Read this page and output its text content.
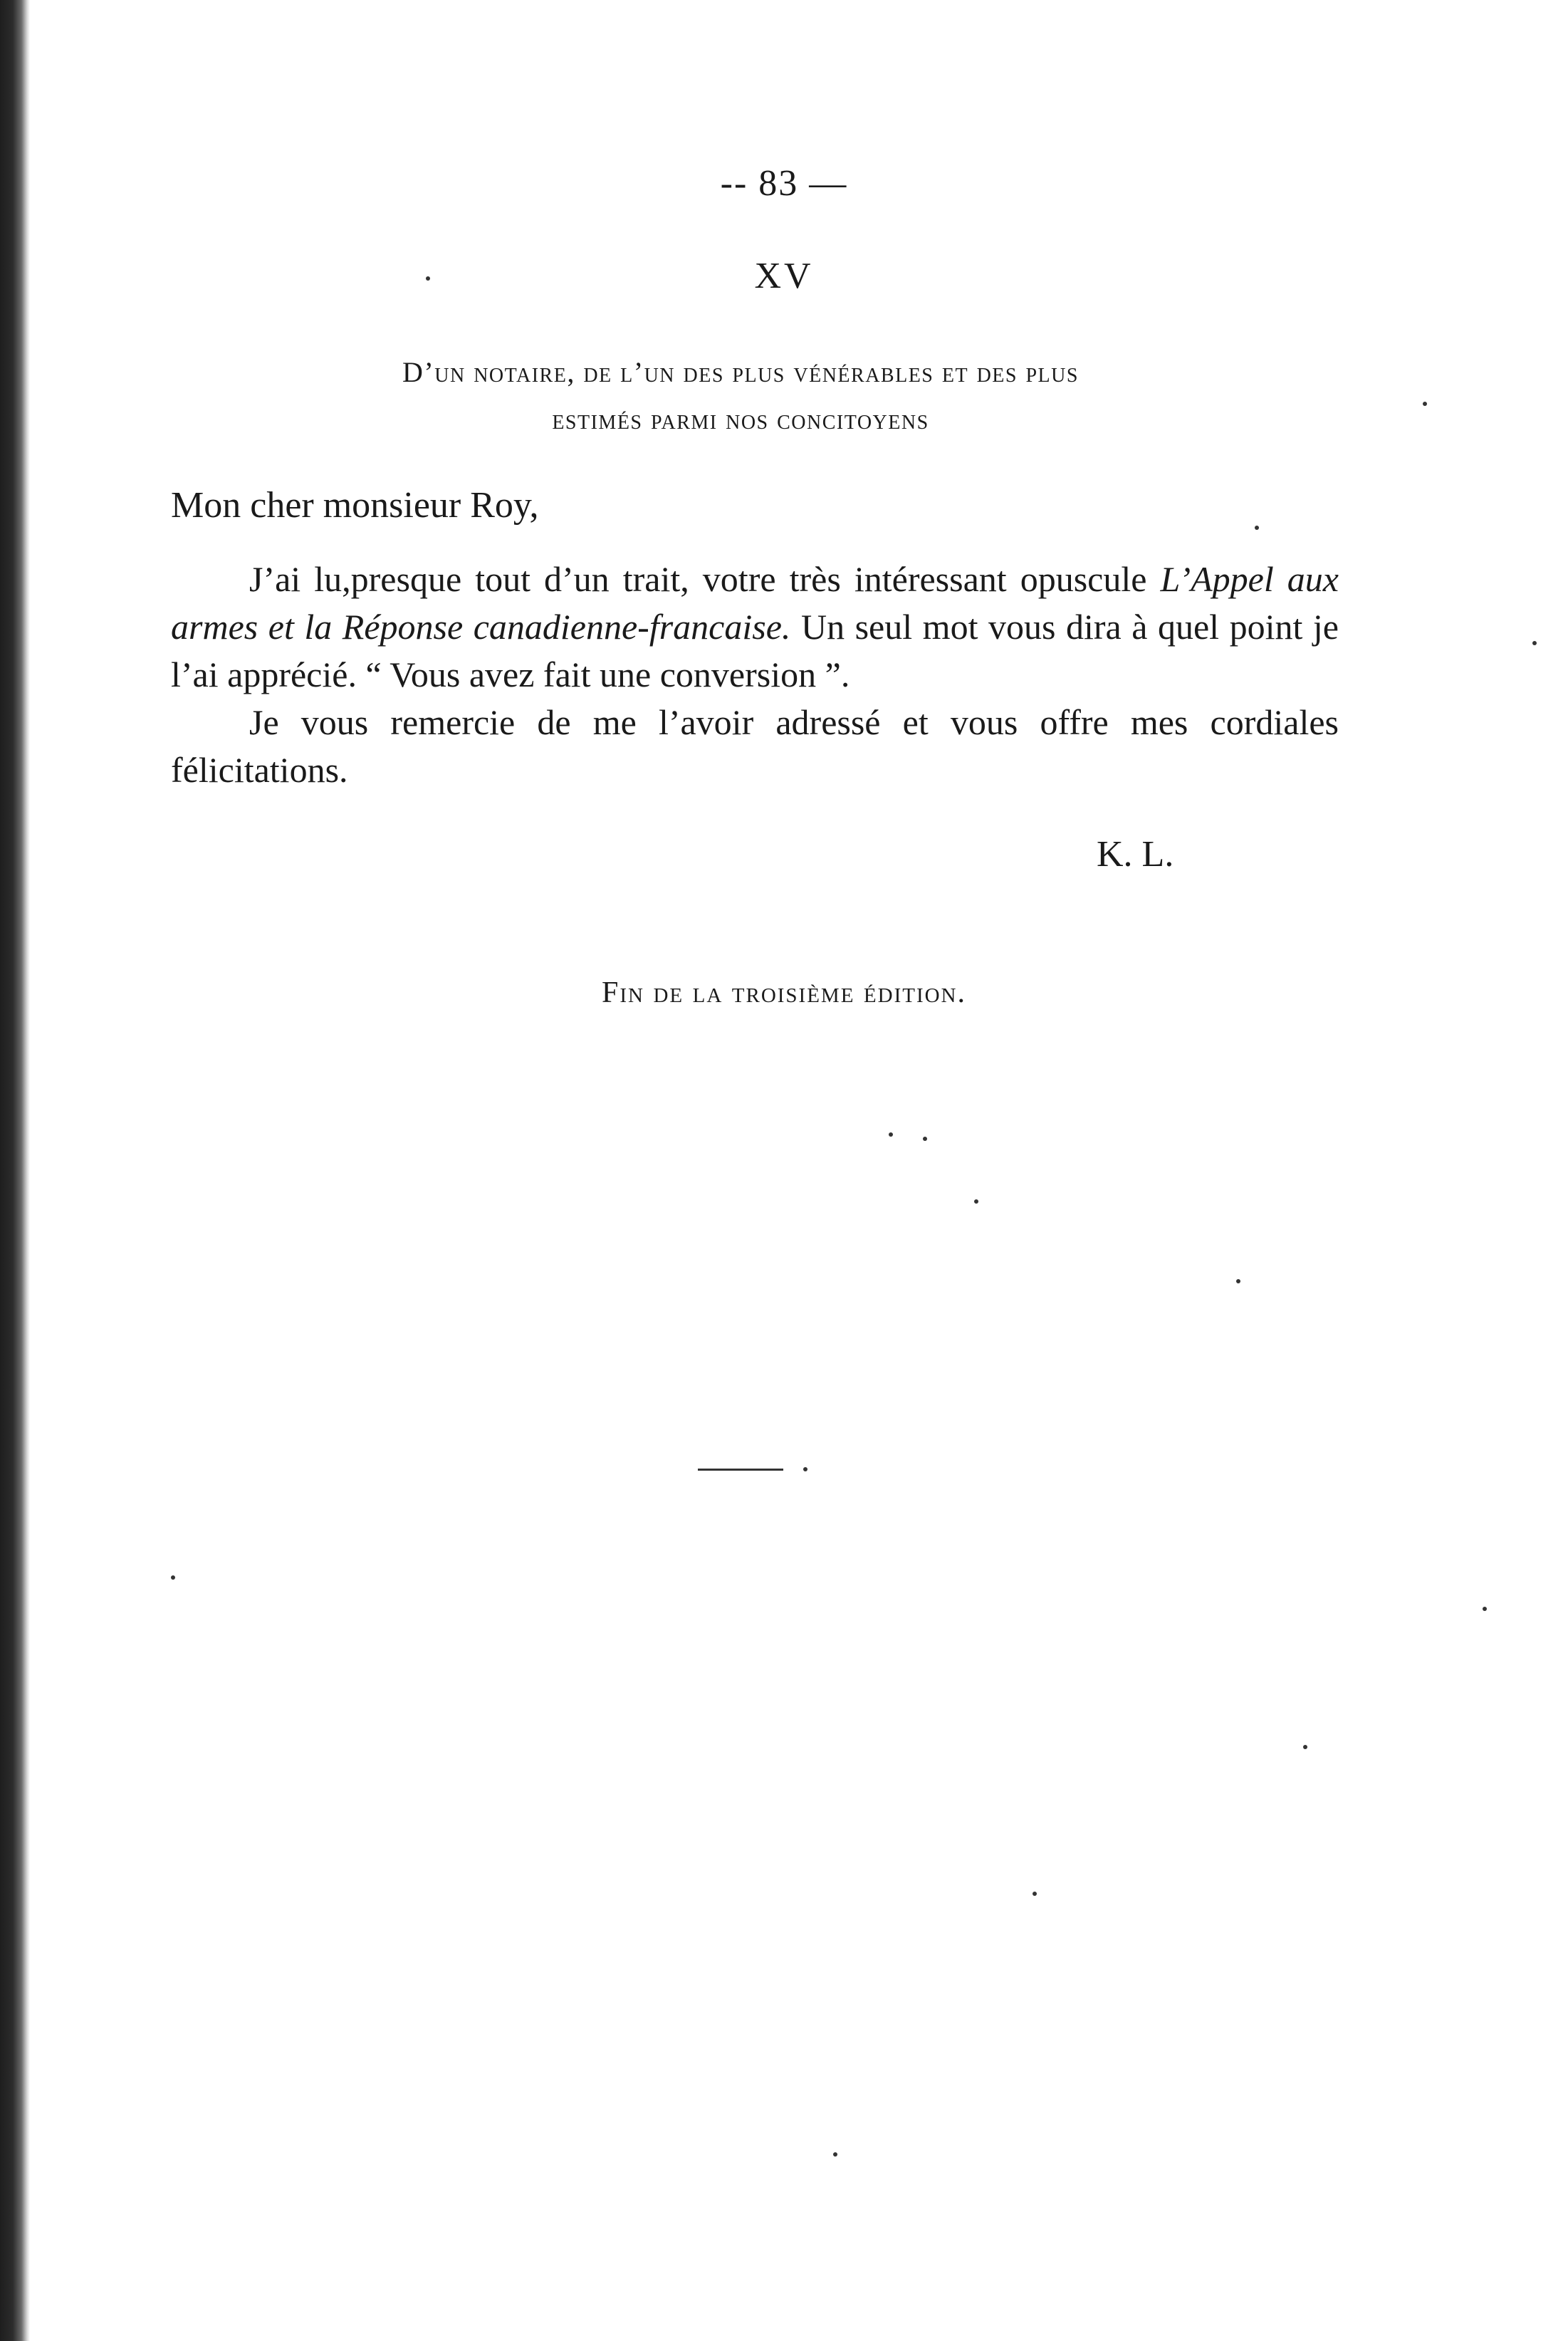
-- 83 —
XV
D’un notaire, de l’un des plus vénérables et des plus
estimés parmi nos concitoyens
Mon cher monsieur Roy,

J’ai lu,presque tout d’un trait, votre très intéressant opuscule L’Appel aux armes et la Réponse canadienne-francaise. Un seul mot vous dira à quel point je l’ai apprécié. “ Vous avez fait une conversion ”.

Je vous remercie de me l’avoir adressé et vous offre mes cordiales félicitations.

K. L.
Fin de la troisième édition.
